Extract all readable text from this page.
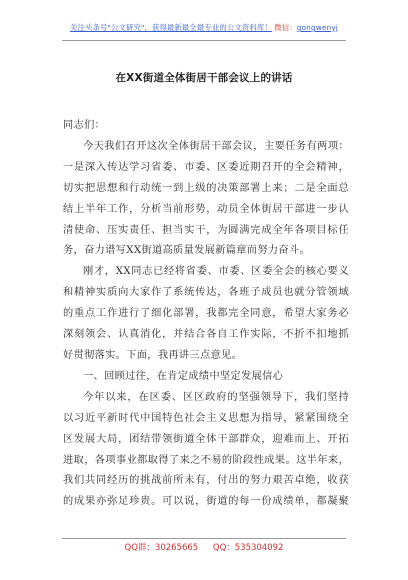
关注头条号"公文研究"，获得最新最全最专业的公文资料库！ 微信：gongwenyj
在XX街道全体街居干部会议上的讲话
同志们：
今天我们召开这次全体街居干部会议，主要任务有两项：
一是深入传达学习省委、市委、区委近期召开的全会精神，
切实把思想和行动统一到上级的决策部署上来；二是全面总
结上半年工作，分析当前形势，动员全体街居干部进一步认
清使命、压实责任、担当实干，为圆满完成全年各项目标任
务，奋力谱写XX街道高质量发展新篇章而努力奋斗。
刚才，XX同志已经将省委、市委、区委全会的核心要义
和精神实质向大家作了系统传达，各班子成员也就分管领域
的重点工作进行了细化部署，我都完全同意，希望大家务必
深刻领会、认真消化，并结合各自工作实际，不折不扣地抓
好贯彻落实。下面，我再讲三点意见。
一、回顾过往，在肯定成绩中坚定发展信心
今年以来，在区委、区区政府的坚强领导下，我们坚持
以习近平新时代中国特色社会主义思想为指导，紧紧围绕全
区发展大局，团结带领街道全体干部群众，迎难而上、开拓
进取，各项事业都取得了来之不易的阶段性成果。这半年来，
我们共同经历的挑战前所未有，付出的努力艰苦卓绝，收获
的成果亦弥足珍贵。可以说，街道的每一份成绩单，都凝聚
QQ群：30265665 QQ：535304092
